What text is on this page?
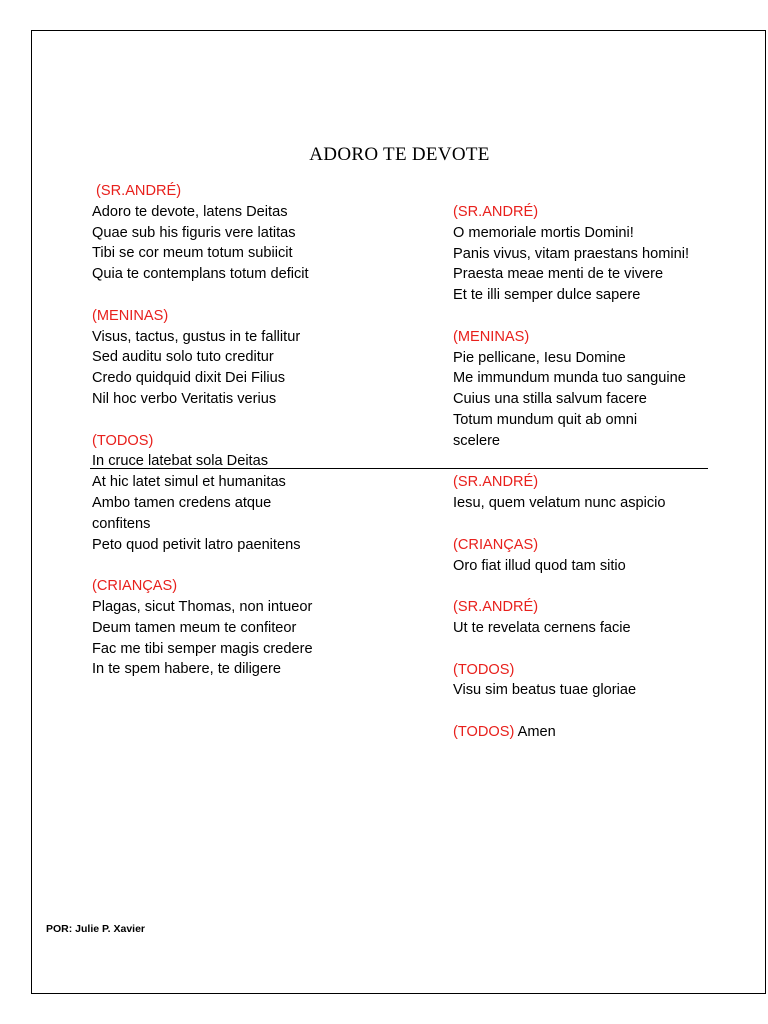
ADORO TE DEVOTE
(SR.ANDRÉ)
Adoro te devote, latens Deitas
Quae sub his figuris vere latitas
Tibi se cor meum totum subiicit
Quia te contemplans totum deficit
(MENINAS)
Visus, tactus, gustus in te fallitur
Sed auditu solo tuto creditur
Credo quidquid dixit Dei Filius
Nil hoc verbo Veritatis verius
(TODOS)
In cruce latebat sola Deitas
At hic latet simul et humanitas
Ambo tamen credens atque
confitens
Peto quod petivit latro paenitens
(CRIANÇAS)
Plagas, sicut Thomas, non intueor
Deum tamen meum te confiteor
Fac me tibi semper magis credere
In te spem habere, te diligere
(SR.ANDRÉ)
O memoriale mortis Domini!
Panis vivus, vitam praestans homini!
Praesta meae menti de te vivere
Et te illi semper dulce sapere
(MENINAS)
Pie pellicane, Iesu Domine
Me immundum munda tuo sanguine
Cuius una stilla salvum facere
Totum mundum quit ab omni
scelere
(SR.ANDRÉ)
Iesu, quem velatum nunc aspicio
(CRIANÇAS)
Oro fiat illud quod tam sitio
(SR.ANDRÉ)
Ut te revelata cernens facie
(TODOS)
Visu sim beatus tuae gloriae
(TODOS) Amen
POR: Julie P. Xavier
